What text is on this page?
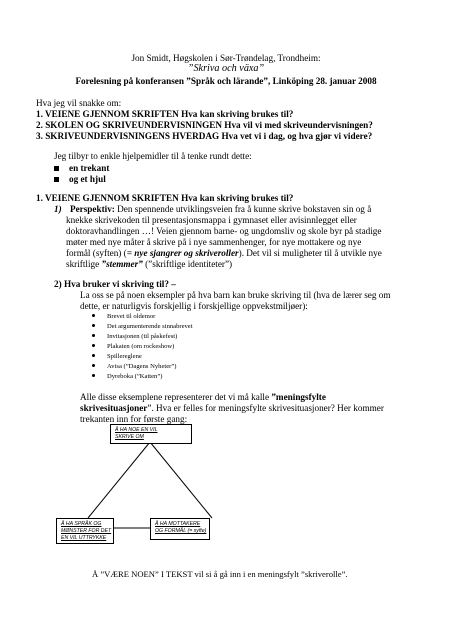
Jon Smidt, Høgskolen i Sør-Trøndelag, Trondheim:
”Skriva och växa”
Forelesning på konferansen ”Språk och lärande”, Linköping 28. januar 2008
Hva jeg vil snakke om:
1. VEIENE GJENNOM SKRIFTEN Hva kan skriving brukes til?
2. SKOLEN OG SKRIVEUNDERVISNINGEN Hva vil vi med skriveundervisningen?
3. SKRIVEUNDERVISNINGENS HVERDAG Hva vet vi i dag, og hva gjør vi videre?
Jeg tilbyr to enkle hjelpemidler til å tenke rundt dette:
en trekant
og et hjul
1. VEIENE GJENNOM SKRIFTEN Hva kan skriving brukes til?
1) Perspektiv: Den spennende utviklingsveien fra å kunne skrive bokstaven sin og å
knekke skrivekoden til presentasjonsmappa i gymnaset eller avisinnlegget eller
doktoravhandlingen …! Veien gjennom barne- og ungdomsliv og skole byr på stadige
møter med nye måter å skrive på i nye sammenhenger, for nye mottakere og nye
formål (syften) (= nye sjangrer og skriveroller). Det vil si muligheter til å utvikle nye
skriftlige ”stemmer” (”skriftlige identiteter”)
2) Hva bruker vi skriving til? –
La oss se på noen eksempler på hva barn kan bruke skriving til (hva de lærer seg om
dette, er naturligvis forskjellig i forskjellige oppvekstmiljøer):
Brevet til oldemor
Det argumenterende sinnabrevet
Invitasjonen (til påskefest)
Plakaten (om rockeshow)
Spillereglene
Avisa (”Dagens Nyheter”)
Dyreboka (”Katten”)
Alle disse eksemplene representerer det vi må kalle ”meningsfylte
skrivesituasjoner”. Hva er felles for meningsfylte skrivesituasjoner? Her kommer
trekanten inn for første gang:
Å HA NOE EN VIL
SKRIVE OM
Å HA SPRÅK OG
MØNSTER FOR DET
EN VIL UTTRYKKE
Å HA MOTTAKERE
OG FORMÅL (= syfte)
Å ”VÆRE NOEN” I TEKST vil si å gå inn i en meningsfylt ”skriverolle”.
